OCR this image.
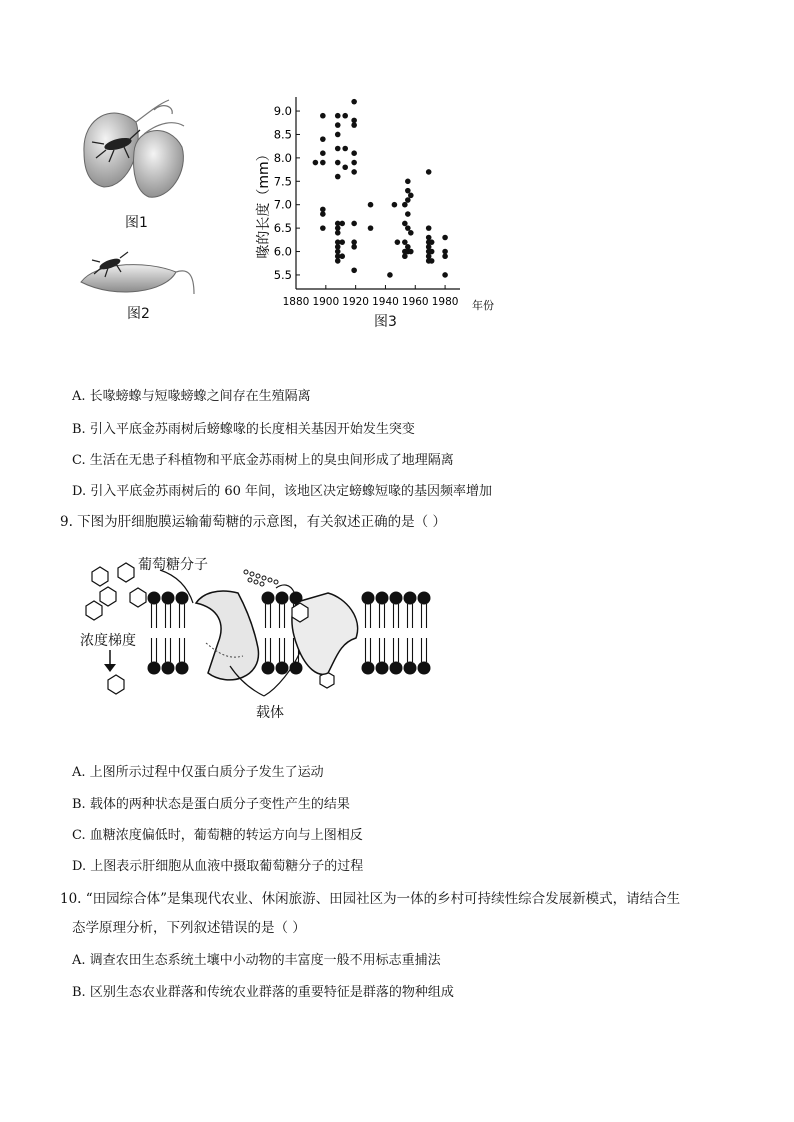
图1
图2
9.0
8.5
8.0
7.5
7.0
6.5
6.0
5.5
1880 1900 1920 1940 1960 1980
喙的长度（mm）
年份
图3
A. 长喙螃蟓与短喙螃蟓之间存在生殖隔离
B. 引入平底金苏雨树后螃蟓喙的长度相关基因开始发生突变
C. 生活在无患子科植物和平底金苏雨树上的臭虫间形成了地理隔离
D. 引入平底金苏雨树后的 60 年间，该地区决定螃蟓短喙的基因频率增加
9. 下图为肝细胞膜运输葡萄糖的示意图，有关叙述正确的是（ ）
葡萄糖分子
浓度梯度
载体
A. 上图所示过程中仅蛋白质分子发生了运动
B. 载体的两种状态是蛋白质分子变性产生的结果
C. 血糖浓度偏低时，葡萄糖的转运方向与上图相反
D. 上图表示肝细胞从血液中摄取葡萄糖分子的过程
10. “田园综合体”是集现代农业、休闲旅游、田园社区为一体的乡村可持续性综合发展新模式，请结合生
态学原理分析，下列叙述错误的是（ ）
A. 调查农田生态系统土壤中小动物的丰富度一般不用标志重捕法
B. 区别生态农业群落和传统农业群落的重要特征是群落的物种组成
